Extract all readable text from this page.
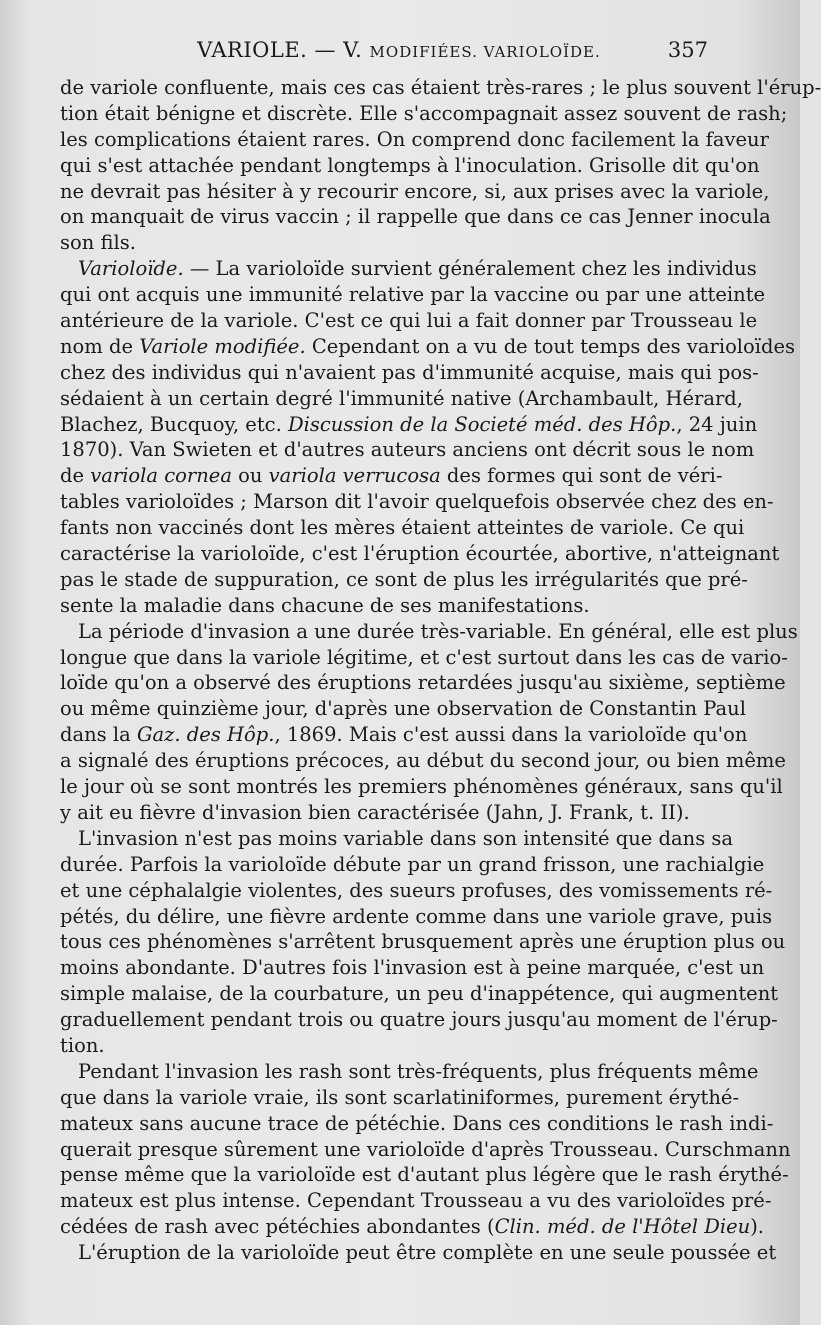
VARIOLE. — V. MODIFIÉES. VARIOLOÏDE.	357
de variole confluente, mais ces cas étaient très-rares ; le plus souvent l'érup-
tion était bénigne et discrète. Elle s'accompagnait assez souvent de rash;
les complications étaient rares. On comprend donc facilement la faveur
qui s'est attachée pendant longtemps à l'inoculation. Grisolle dit qu'on
ne devrait pas hésiter à y recourir encore, si, aux prises avec la variole,
on manquait de virus vaccin ; il rappelle que dans ce cas Jenner inocula
son fils.
Varioloïde. — La varioloïde survient généralement chez les individus
qui ont acquis une immunité relative par la vaccine ou par une atteinte
antérieure de la variole. C'est ce qui lui a fait donner par Trousseau le
nom de Variole modifiée. Cependant on a vu de tout temps des varioloïdes
chez des individus qui n'avaient pas d'immunité acquise, mais qui pos-
sédaient à un certain degré l'immunité native (Archambault, Hérard,
Blachez, Bucquoy, etc. Discussion de la Societé méd. des Hôp., 24 juin
1870). Van Swieten et d'autres auteurs anciens ont décrit sous le nom
de variola cornea ou variola verrucosa des formes qui sont de véri-
tables varioloïdes ; Marson dit l'avoir quelquefois observée chez des en-
fants non vaccinés dont les mères étaient atteintes de variole. Ce qui
caractérise la varioloïde, c'est l'éruption écourtée, abortive, n'atteignant
pas le stade de suppuration, ce sont de plus les irrégularités que pré-
sente la maladie dans chacune de ses manifestations.
La période d'invasion a une durée très-variable. En général, elle est plus
longue que dans la variole légitime, et c'est surtout dans les cas de vario-
loïde qu'on a observé des éruptions retardées jusqu'au sixième, septième
ou même quinzième jour, d'après une observation de Constantin Paul
dans la Gaz. des Hôp., 1869. Mais c'est aussi dans la varioloïde qu'on
a signalé des éruptions précoces, au début du second jour, ou bien même
le jour où se sont montrés les premiers phénomènes généraux, sans qu'il
y ait eu fièvre d'invasion bien caractérisée (Jahn, J. Frank, t. II).
L'invasion n'est pas moins variable dans son intensité que dans sa
durée. Parfois la varioloïde débute par un grand frisson, une rachialgie
et une céphalalgie violentes, des sueurs profuses, des vomissements ré-
pétés, du délire, une fièvre ardente comme dans une variole grave, puis
tous ces phénomènes s'arrêtent brusquement après une éruption plus ou
moins abondante. D'autres fois l'invasion est à peine marquée, c'est un
simple malaise, de la courbature, un peu d'inappétence, qui augmentent
graduellement pendant trois ou quatre jours jusqu'au moment de l'érup-
tion.
Pendant l'invasion les rash sont très-fréquents, plus fréquents même
que dans la variole vraie, ils sont scarlatiniformes, purement érythé-
mateux sans aucune trace de pétéchie. Dans ces conditions le rash indi-
querait presque sûrement une varioloïde d'après Trousseau. Curschmann
pense même que la varioloïde est d'autant plus légère que le rash érythé-
mateux est plus intense. Cependant Trousseau a vu des varioloïdes pré-
cédées de rash avec pétéchies abondantes (Clin. méd. de l'Hôtel Dieu).
L'éruption de la varioloïde peut être complète en une seule poussée et
